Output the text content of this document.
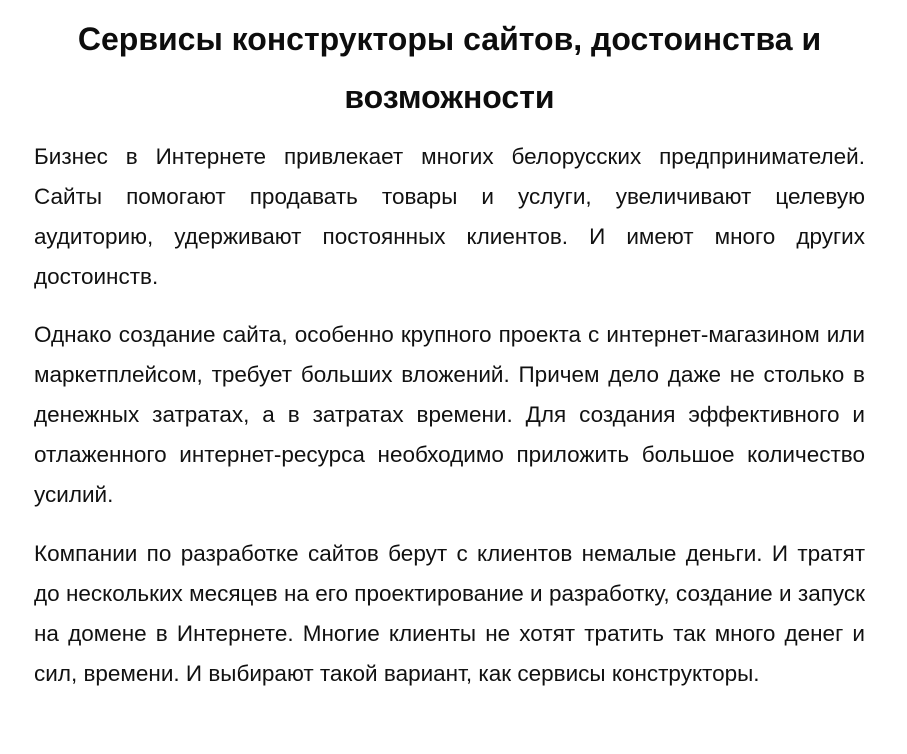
Сервисы конструкторы сайтов, достоинства и возможности

Бизнес в Интернете привлекает многих белорусских предпринимателей. Сайты помогают продавать товары и услуги, увеличивают целевую аудиторию, удерживают постоянных клиентов. И имеют много других достоинств.

Однако создание сайта, особенно крупного проекта с интернет-магазином или маркетплейсом, требует больших вложений. Причем дело даже не столько в денежных затратах, а в затратах времени. Для создания эффективного и отлаженного интернет-ресурса необходимо приложить большое количество усилий.

Компании по разработке сайтов берут с клиентов немалые деньги. И тратят до нескольких месяцев на его проектирование и разработку, создание и запуск на домене в Интернете. Многие клиенты не хотят тратить так много денег и сил, времени. И выбирают такой вариант, как сервисы конструкторы.
